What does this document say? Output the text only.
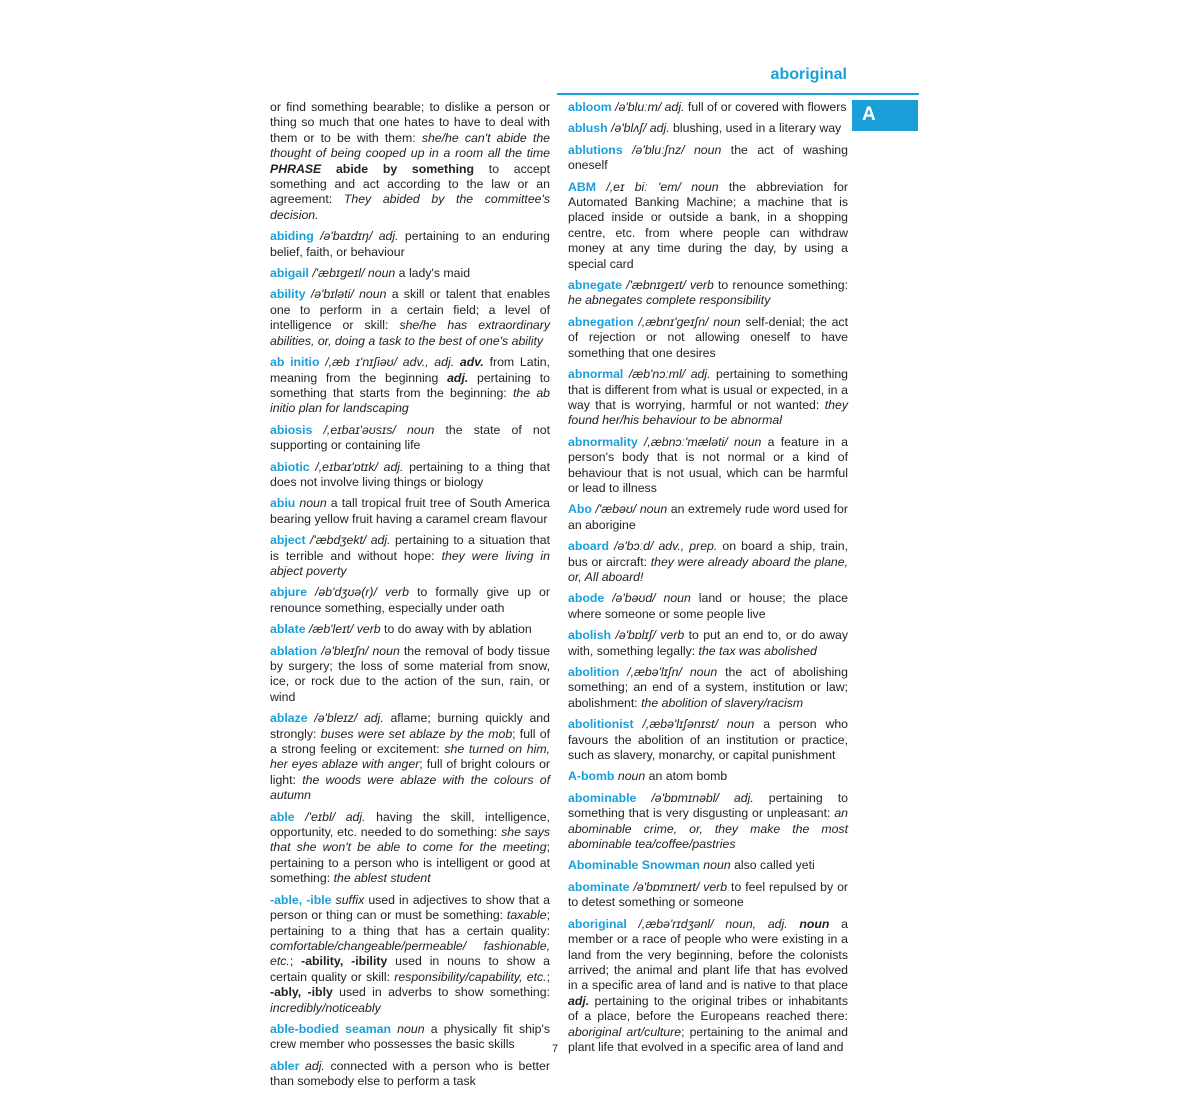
aboriginal
A

or find something bearable; to dislike a person or thing so much that one hates to have to deal with them or to be with them: she/he can't abide the thought of being cooped up in a room all the time PHRASE abide by something to accept something and act according to the law or an agreement: They abided by the committee's decision.

abiding /ə'baɪdɪŋ/ adj. pertaining to an enduring belief, faith, or behaviour

abigail /'æbɪgeɪl/ noun a lady's maid

ability /ə'bɪləti/ noun a skill or talent that enables one to perform in a certain field; a level of intelligence or skill: she/he has extraordinary abilities, or, doing a task to the best of one's ability

ab initio /,æb ɪ'nɪʃiəʊ/ adv., adj. adv. from Latin, meaning from the beginning adj. pertaining to something that starts from the beginning: the ab initio plan for landscaping

abiosis /,eɪbaɪ'əʊsɪs/ noun the state of not supporting or containing life

abiotic /,eɪbaɪ'ɒtɪk/ adj. pertaining to a thing that does not involve living things or biology

abiu noun a tall tropical fruit tree of South America bearing yellow fruit having a caramel cream flavour

abject /'æbdʒekt/ adj. pertaining to a situation that is terrible and without hope: they were living in abject poverty

abjure /əb'dʒʊə(r)/ verb to formally give up or renounce something, especially under oath

ablate /æb'leɪt/ verb to do away with by ablation

ablation /ə'bleɪʃn/ noun the removal of body tissue by surgery; the loss of some material from snow, ice, or rock due to the action of the sun, rain, or wind

ablaze /ə'bleɪz/ adj. aflame; burning quickly and strongly: buses were set ablaze by the mob; full of a strong feeling or excitement: she turned on him, her eyes ablaze with anger; full of bright colours or light: the woods were ablaze with the colours of autumn

able /'eɪbl/ adj. having the skill, intelligence, opportunity, etc. needed to do something: she says that she won't be able to come for the meeting; pertaining to a person who is intelligent or good at something: the ablest student

-able, -ible suffix used in adjectives to show that a person or thing can or must be something: taxable; pertaining to a thing that has a certain quality: comfortable/changeable/permeable/ fashionable, etc.; -ability, -ibility used in nouns to show a certain quality or skill: responsibility/capability, etc.; -ably, -ibly used in adverbs to show something: incredibly/noticeably

able-bodied seaman noun a physically fit ship's crew member who possesses the basic skills

abler adj. connected with a person who is better than somebody else to perform a task

abloom /ə'bluːm/ adj. full of or covered with flowers

ablush /ə'blʌʃ/ adj. blushing, used in a literary way

ablutions /ə'bluːʃnz/ noun the act of washing oneself

ABM /,eɪ biː 'em/ noun the abbreviation for Automated Banking Machine; a machine that is placed inside or outside a bank, in a shopping centre, etc. from where people can withdraw money at any time during the day, by using a special card

abnegate /'æbnɪgeɪt/ verb to renounce something: he abnegates complete responsibility

abnegation /,æbnɪ'geɪʃn/ noun self-denial; the act of rejection or not allowing oneself to have something that one desires

abnormal /æb'nɔːml/ adj. pertaining to something that is different from what is usual or expected, in a way that is worrying, harmful or not wanted: they found her/his behaviour to be abnormal

abnormality /,æbnɔː'mæləti/ noun a feature in a person's body that is not normal or a kind of behaviour that is not usual, which can be harmful or lead to illness

Abo /'æbəʊ/ noun an extremely rude word used for an aborigine

aboard /ə'bɔːd/ adv., prep. on board a ship, train, bus or aircraft: they were already aboard the plane, or, All aboard!

abode /ə'bəʊd/ noun land or house; the place where someone or some people live

abolish /ə'bɒlɪʃ/ verb to put an end to, or do away with, something legally: the tax was abolished

abolition /,æbə'lɪʃn/ noun the act of abolishing something; an end of a system, institution or law; abolishment: the abolition of slavery/racism

abolitionist /,æbə'lɪʃənɪst/ noun a person who favours the abolition of an institution or practice, such as slavery, monarchy, or capital punishment

A-bomb noun an atom bomb

abominable /ə'bɒmɪnəbl/ adj. pertaining to something that is very disgusting or unpleasant: an abominable crime, or, they make the most abominable tea/coffee/pastries

Abominable Snowman noun also called yeti

abominate /ə'bɒmɪneɪt/ verb to feel repulsed by or to detest something or someone

aboriginal /,æbə'rɪdʒənl/ noun, adj. noun a member or a race of people who were existing in a land from the very beginning, before the colonists arrived; the animal and plant life that has evolved in a specific area of land and is native to that place adj. pertaining to the original tribes or inhabitants of a place, before the Europeans reached there: aboriginal art/culture; pertaining to the animal and plant life that evolved in a specific area of land and

7
